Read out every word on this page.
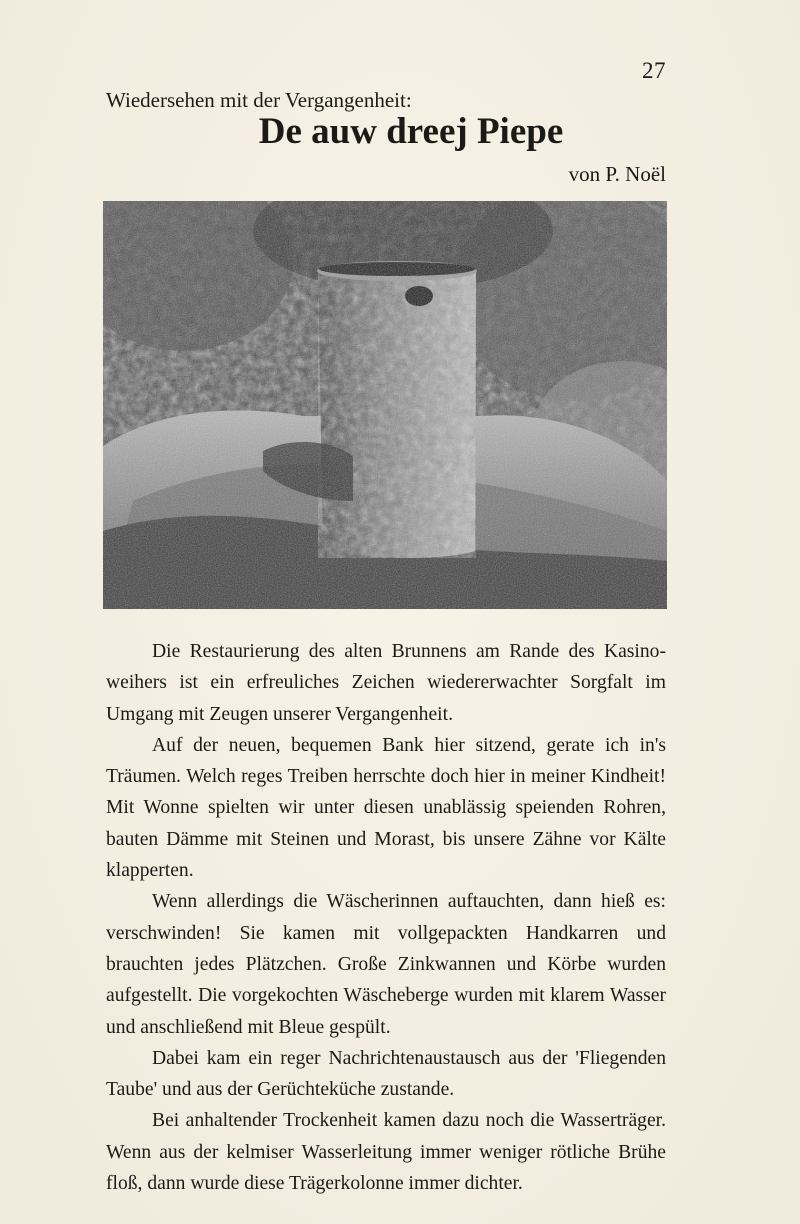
27
Wiedersehen mit der Vergangenheit:
De auw dreej Piepe
von P. Noël

Die Restaurierung des alten Brunnens am Rande des Kasinoweihers ist ein erfreuliches Zeichen wiedererwachter Sorgfalt im Umgang mit Zeugen unserer Vergangenheit.

Auf der neuen, bequemen Bank hier sitzend, gerate ich in's Träumen. Welch reges Treiben herrschte doch hier in meiner Kindheit! Mit Wonne spielten wir unter diesen unablässig speienden Rohren, bauten Dämme mit Steinen und Morast, bis unsere Zähne vor Kälte klapperten.

Wenn allerdings die Wäscherinnen auftauchten, dann hieß es: verschwinden! Sie kamen mit vollgepackten Handkarren und brauchten jedes Plätzchen. Große Zinkwannen und Körbe wurden aufgestellt. Die vorgekochten Wäscheberge wurden mit klarem Wasser und anschließend mit Bleue gespült.

Dabei kam ein reger Nachrichtenaustausch aus der 'Fliegenden Taube' und aus der Gerüchteküche zustande.

Bei anhaltender Trockenheit kamen dazu noch die Wasserträger. Wenn aus der kelmiser Wasserleitung immer weniger rötliche Brühe floß, dann wurde diese Trägerkolonne immer dichter.
